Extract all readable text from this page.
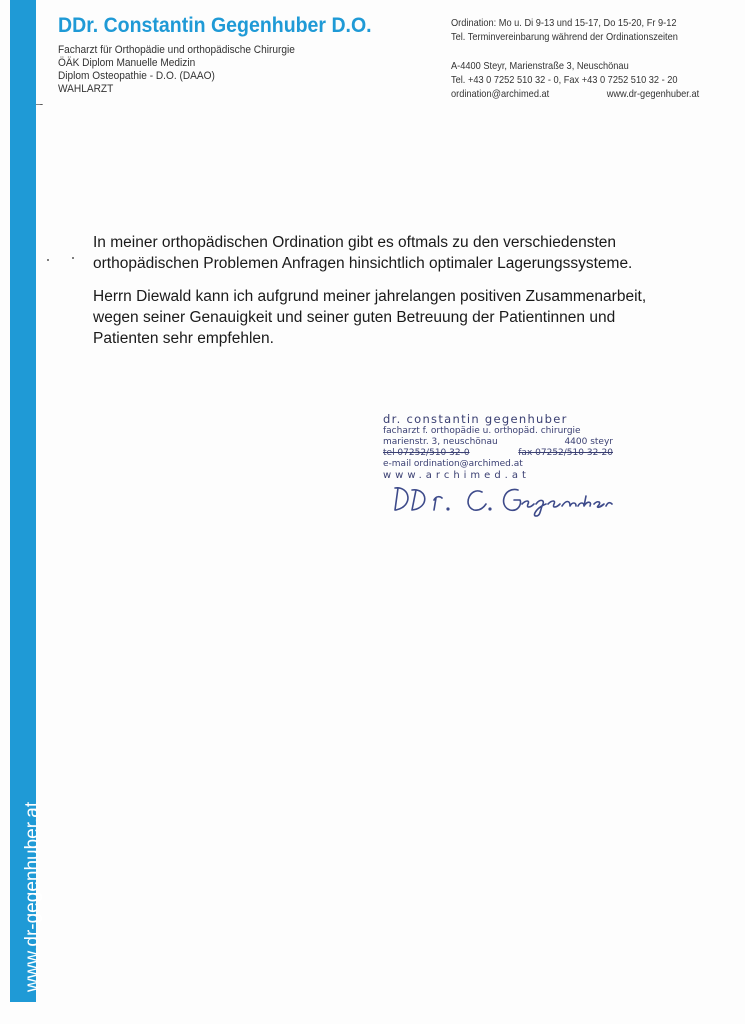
www.dr-gegenhuber.at
DDr. Constantin Gegenhuber D.O.
Facharzt für Orthopädie und orthopädische Chirurgie
ÖÄK Diplom Manuelle Medizin
Diplom Osteopathie - D.O. (DAAO)
WAHLARZT
Ordination: Mo u. Di 9-13 und 15-17, Do 15-20, Fr 9-12
Tel. Terminvereinbarung während der Ordinationszeiten
A-4400 Steyr, Marienstraße 3, Neuschönau
Tel. +43 0 7252 510 32 - 0, Fax +43 0 7252 510 32 - 20
ordination@archimed.at	www.dr-gegenhuber.at

In meiner orthopädischen Ordination gibt es oftmals zu den verschiedensten orthopädischen Problemen Anfragen hinsichtlich optimaler Lagerungssysteme.

Herrn Diewald kann ich aufgrund meiner jahrelangen positiven Zusammenarbeit, wegen seiner Genauigkeit und seiner guten Betreuung der Patientinnen und Patienten sehr empfehlen.

dr. constantin gegenhuber
facharzt f. orthopädie u. orthopäd. chirurgie
marienstr. 3, neuschönau	4400 steyr
tel 07252/510 32-0	fax 07252/510 32-20
e-mail ordination@archimed.at
www.archimed.at
